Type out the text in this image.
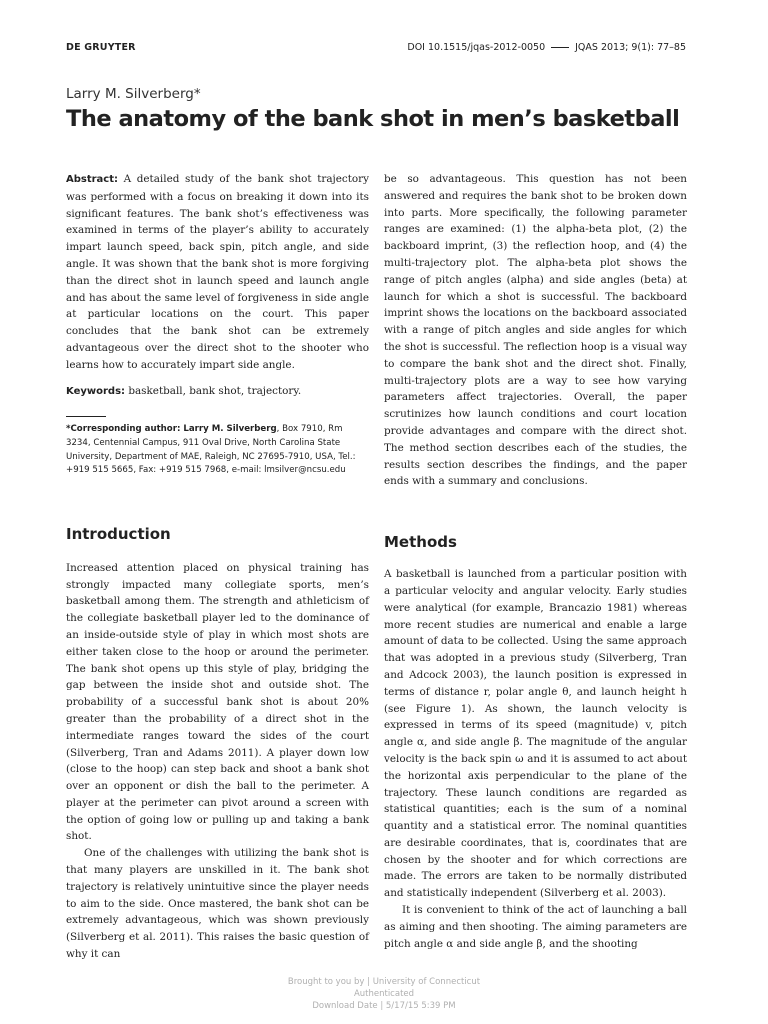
DE GRUYTER	DOI 10.1515/jqas-2012-0050	JQAS 2013; 9(1): 77–85
Larry M. Silverberg*
The anatomy of the bank shot in men’s basketball

Abstract: A detailed study of the bank shot trajectory was performed with a focus on breaking it down into its significant features. The bank shot’s effectiveness was examined in terms of the player’s ability to accurately impart launch speed, back spin, pitch angle, and side angle. It was shown that the bank shot is more forgiving than the direct shot in launch speed and launch angle and has about the same level of forgiveness in side angle at particular locations on the court. This paper concludes that the bank shot can be extremely advantageous over the direct shot to the shooter who learns how to accurately impart side angle.

Keywords: basketball, bank shot, trajectory.

*Corresponding author: Larry M. Silverberg, Box 7910, Rm 3234, Centennial Campus, 911 Oval Drive, North Carolina State University, Department of MAE, Raleigh, NC 27695-7910, USA, Tel.: +919 515 5665, Fax: +919 515 7968, e-mail: lmsilver@ncsu.edu

Introduction

Increased attention placed on physical training has strongly impacted many collegiate sports, men’s basketball among them. The strength and athleticism of the collegiate basketball player led to the dominance of an inside-outside style of play in which most shots are either taken close to the hoop or around the perimeter. The bank shot opens up this style of play, bridging the gap between the inside shot and outside shot. The probability of a successful bank shot is about 20% greater than the probability of a direct shot in the intermediate ranges toward the sides of the court (Silverberg, Tran and Adams 2011). A player down low (close to the hoop) can step back and shoot a bank shot over an opponent or dish the ball to the perimeter. A player at the perimeter can pivot around a screen with the option of going low or pulling up and taking a bank shot.

One of the challenges with utilizing the bank shot is that many players are unskilled in it. The bank shot trajectory is relatively unintuitive since the player needs to aim to the side. Once mastered, the bank shot can be extremely advantageous, which was shown previously (Silverberg et al. 2011). This raises the basic question of why it can

be so advantageous. This question has not been answered and requires the bank shot to be broken down into parts. More specifically, the following parameter ranges are examined: (1) the alpha-beta plot, (2) the backboard imprint, (3) the reflection hoop, and (4) the multi-trajectory plot. The alpha-beta plot shows the range of pitch angles (alpha) and side angles (beta) at launch for which a shot is successful. The backboard imprint shows the locations on the backboard associated with a range of pitch angles and side angles for which the shot is successful. The reflection hoop is a visual way to compare the bank shot and the direct shot. Finally, multi-trajectory plots are a way to see how varying parameters affect trajectories. Overall, the paper scrutinizes how launch conditions and court location provide advantages and compare with the direct shot. The method section describes each of the studies, the results section describes the findings, and the paper ends with a summary and conclusions.

Methods

A basketball is launched from a particular position with a particular velocity and angular velocity. Early studies were analytical (for example, Brancazio 1981) whereas more recent studies are numerical and enable a large amount of data to be collected. Using the same approach that was adopted in a previous study (Silverberg, Tran and Adcock 2003), the launch position is expressed in terms of distance r, polar angle θ, and launch height h (see Figure 1). As shown, the launch velocity is expressed in terms of its speed (magnitude) v, pitch angle α, and side angle β. The magnitude of the angular velocity is the back spin ω and it is assumed to act about the horizontal axis perpendicular to the plane of the trajectory. These launch conditions are regarded as statistical quantities; each is the sum of a nominal quantity and a statistical error. The nominal quantities are desirable coordinates, that is, coordinates that are chosen by the shooter and for which corrections are made. The errors are taken to be normally distributed and statistically independent (Silverberg et al. 2003).

It is convenient to think of the act of launching a ball as aiming and then shooting. The aiming parameters are pitch angle α and side angle β, and the shooting

Brought to you by | University of Connecticut
Authenticated
Download Date | 5/17/15 5:39 PM
